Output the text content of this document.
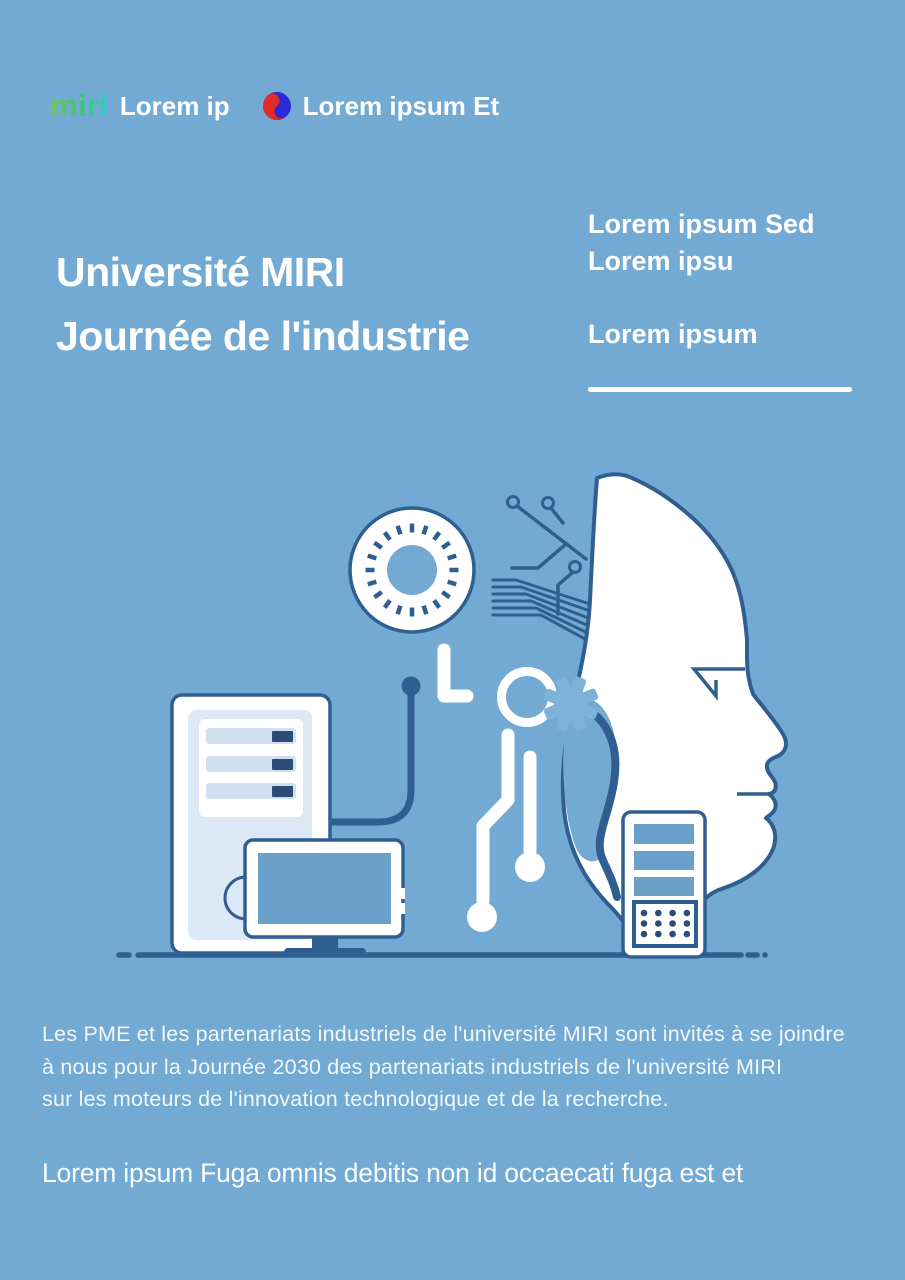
miri Lorem ip	Lorem ipsum Et
Université MIRI
Journée de l'industrie
Lorem ipsum Sed
Lorem ipsu
Lorem ipsum
Les PME et les partenariats industriels de l'université MIRI sont invités à se joindre
à nous pour la Journée 2030 des partenariats industriels de l'université MIRI
sur les moteurs de l'innovation technologique et de la recherche.
Lorem ipsum Fuga omnis debitis non id occaecati fuga est et
